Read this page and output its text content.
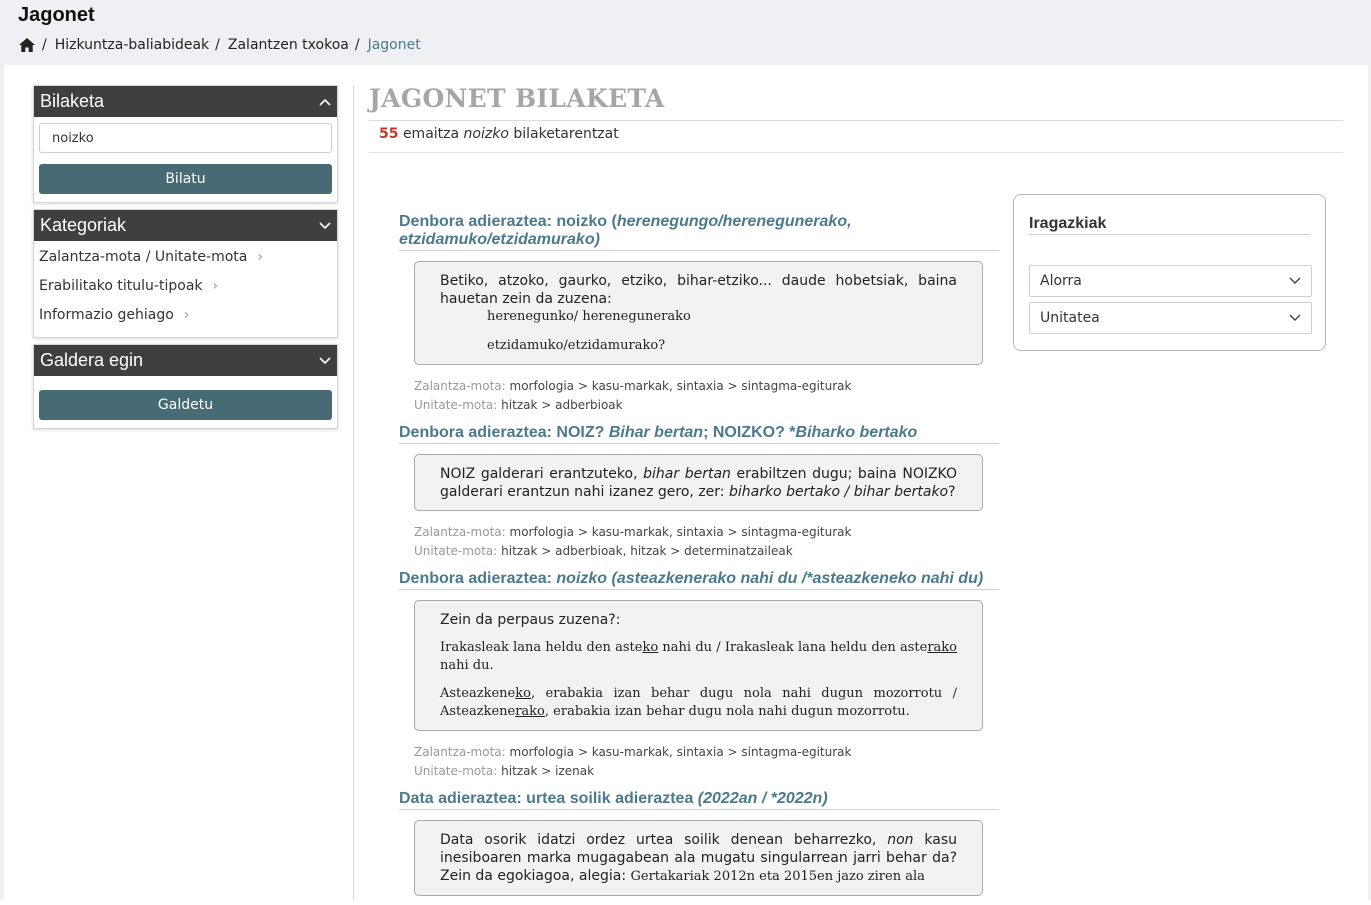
Jagonet
/ Hizkuntza-baliabideak / Zalantzen txokoa / Jagonet
Bilaketa
noizko
Bilatu
Kategoriak
Zalantza-mota / Unitate-mota ›
Erabilitako titulu-tipoak ›
Informazio gehiago ›
Galdera egin
Galdetu
JAGONET BILAKETA
55 emaitza noizko bilaketarentzat
Denbora adieraztea: noizko (herenegungo/herenegunerako, etzidamuko/etzidamurako)

Betiko, atzoko, gaurko, etziko, bihar-etziko... daude hobetsiak, baina hauetan zein da zuzena:

herenegunko/ herenegunerako

etzidamuko/etzidamurako?

Zalantza-mota: morfologia > kasu-markak, sintaxia > sintagma-egiturak
Unitate-mota: hitzak > adberbioak
Denbora adieraztea: NOIZ? Bihar bertan; NOIZKO? *Biharko bertako

NOIZ galderari erantzuteko, bihar bertan erabiltzen dugu; baina NOIZKO galderari erantzun nahi izanez gero, zer: biharko bertako / bihar bertako?

Zalantza-mota: morfologia > kasu-markak, sintaxia > sintagma-egiturak
Unitate-mota: hitzak > adberbioak, hitzak > determinatzaileak
Denbora adieraztea: noizko (asteazkenerako nahi du /*asteazkeneko nahi du)

Zein da perpaus zuzena?:

Irakasleak lana heldu den asteko nahi du / Irakasleak lana heldu den asterako nahi du.

Asteazkeneko, erabakia izan behar dugu nola nahi dugun mozorrotu / Asteazkenerako, erabakia izan behar dugu nola nahi dugun mozorrotu.

Zalantza-mota: morfologia > kasu-markak, sintaxia > sintagma-egiturak
Unitate-mota: hitzak > izenak
Data adieraztea: urtea soilik adieraztea (2022an / *2022n)

Data osorik idatzi ordez urtea soilik denean beharrezko, non kasu inesiboaren marka mugagabean ala mugatu singularrean jarri behar da? Zein da egokiagoa, alegia: Gertakariak 2012n eta 2015en jazo ziren ala

Iragazkiak
Alorra
Unitatea
